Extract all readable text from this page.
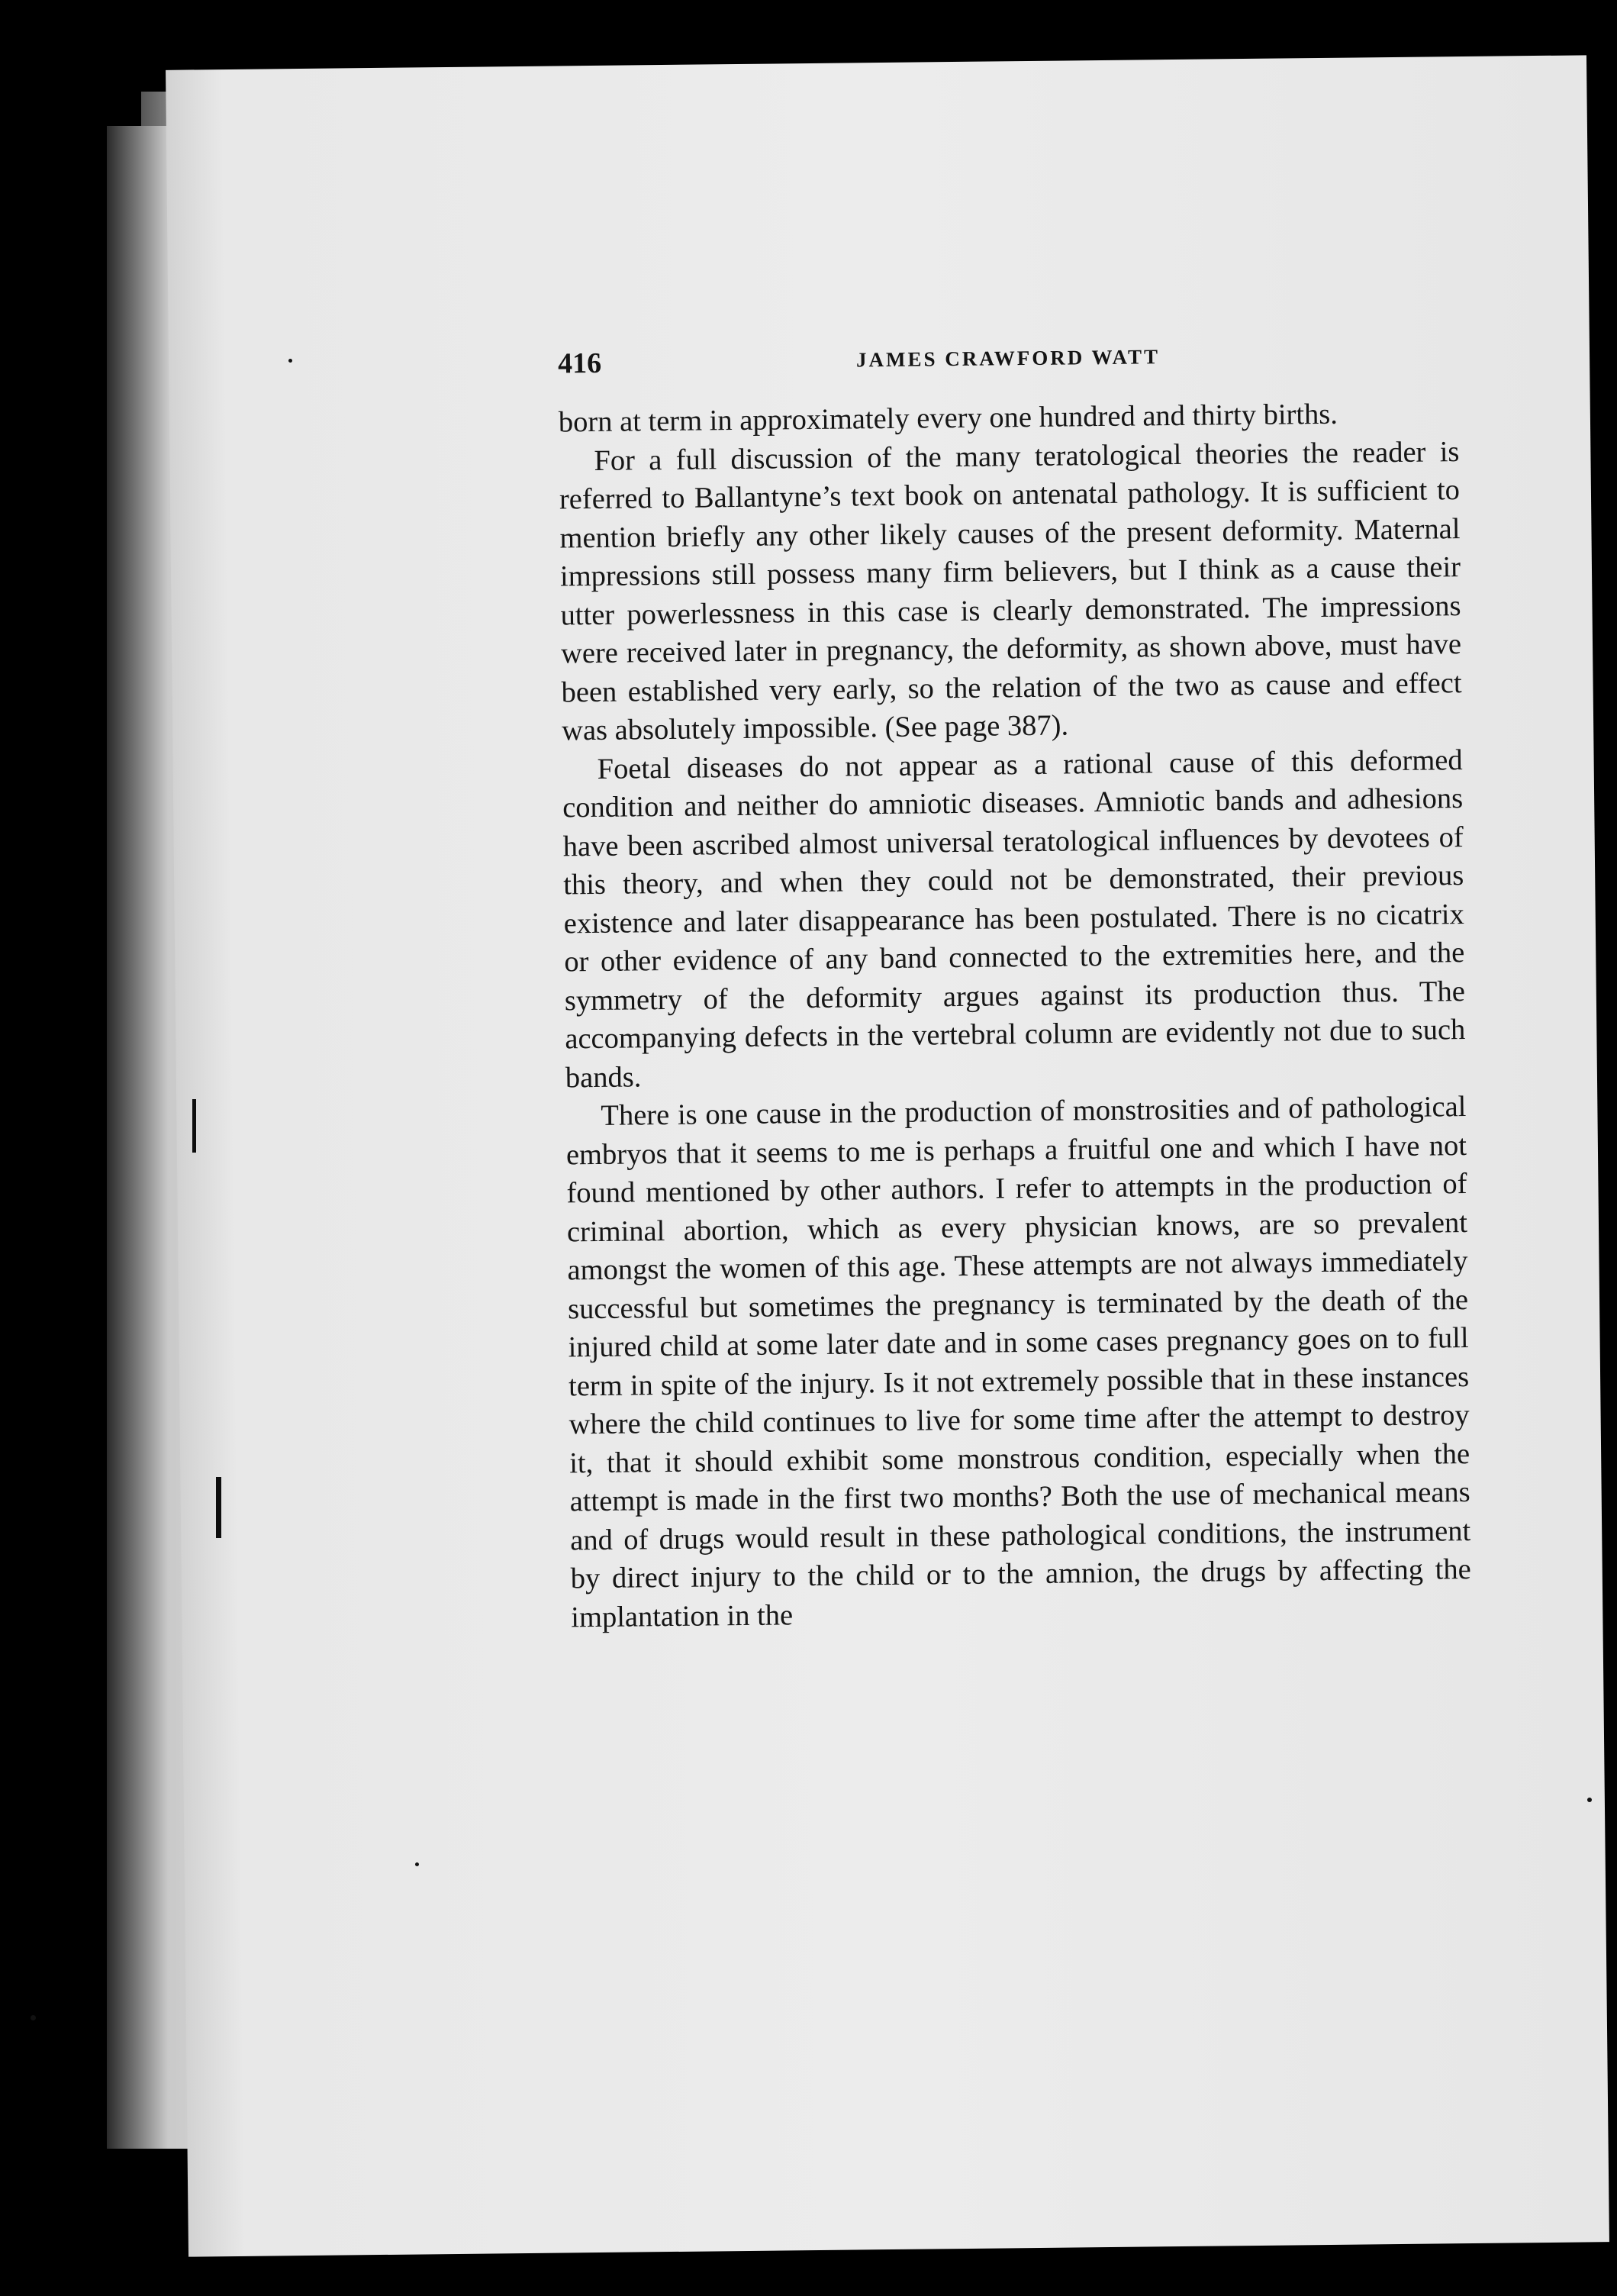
416	JAMES CRAWFORD WATT

born at term in approximately every one hundred and thirty births.

For a full discussion of the many teratological theories the reader is referred to Ballantyne’s text book on antenatal pathology. It is sufficient to mention briefly any other likely causes of the present deformity. Maternal impressions still possess many firm believers, but I think as a cause their utter powerlessness in this case is clearly demonstrated. The impressions were received later in pregnancy, the deformity, as shown above, must have been established very early, so the relation of the two as cause and effect was absolutely impossible. (See page 387).

Foetal diseases do not appear as a rational cause of this deformed condition and neither do amniotic diseases. Amniotic bands and adhesions have been ascribed almost universal teratological influences by devotees of this theory, and when they could not be demonstrated, their previous existence and later disappearance has been postulated. There is no cicatrix or other evidence of any band connected to the extremities here, and the symmetry of the deformity argues against its production thus. The accompanying defects in the vertebral column are evidently not due to such bands.

There is one cause in the production of monstrosities and of pathological embryos that it seems to me is perhaps a fruitful one and which I have not found mentioned by other authors. I refer to attempts in the production of criminal abortion, which as every physician knows, are so prevalent amongst the women of this age. These attempts are not always immediately successful but sometimes the pregnancy is terminated by the death of the injured child at some later date and in some cases pregnancy goes on to full term in spite of the injury. Is it not extremely possible that in these instances where the child continues to live for some time after the attempt to destroy it, that it should exhibit some monstrous condition, especially when the attempt is made in the first two months? Both the use of mechanical means and of drugs would result in these pathological conditions, the instrument by direct injury to the child or to the amnion, the drugs by affecting the implantation in the
